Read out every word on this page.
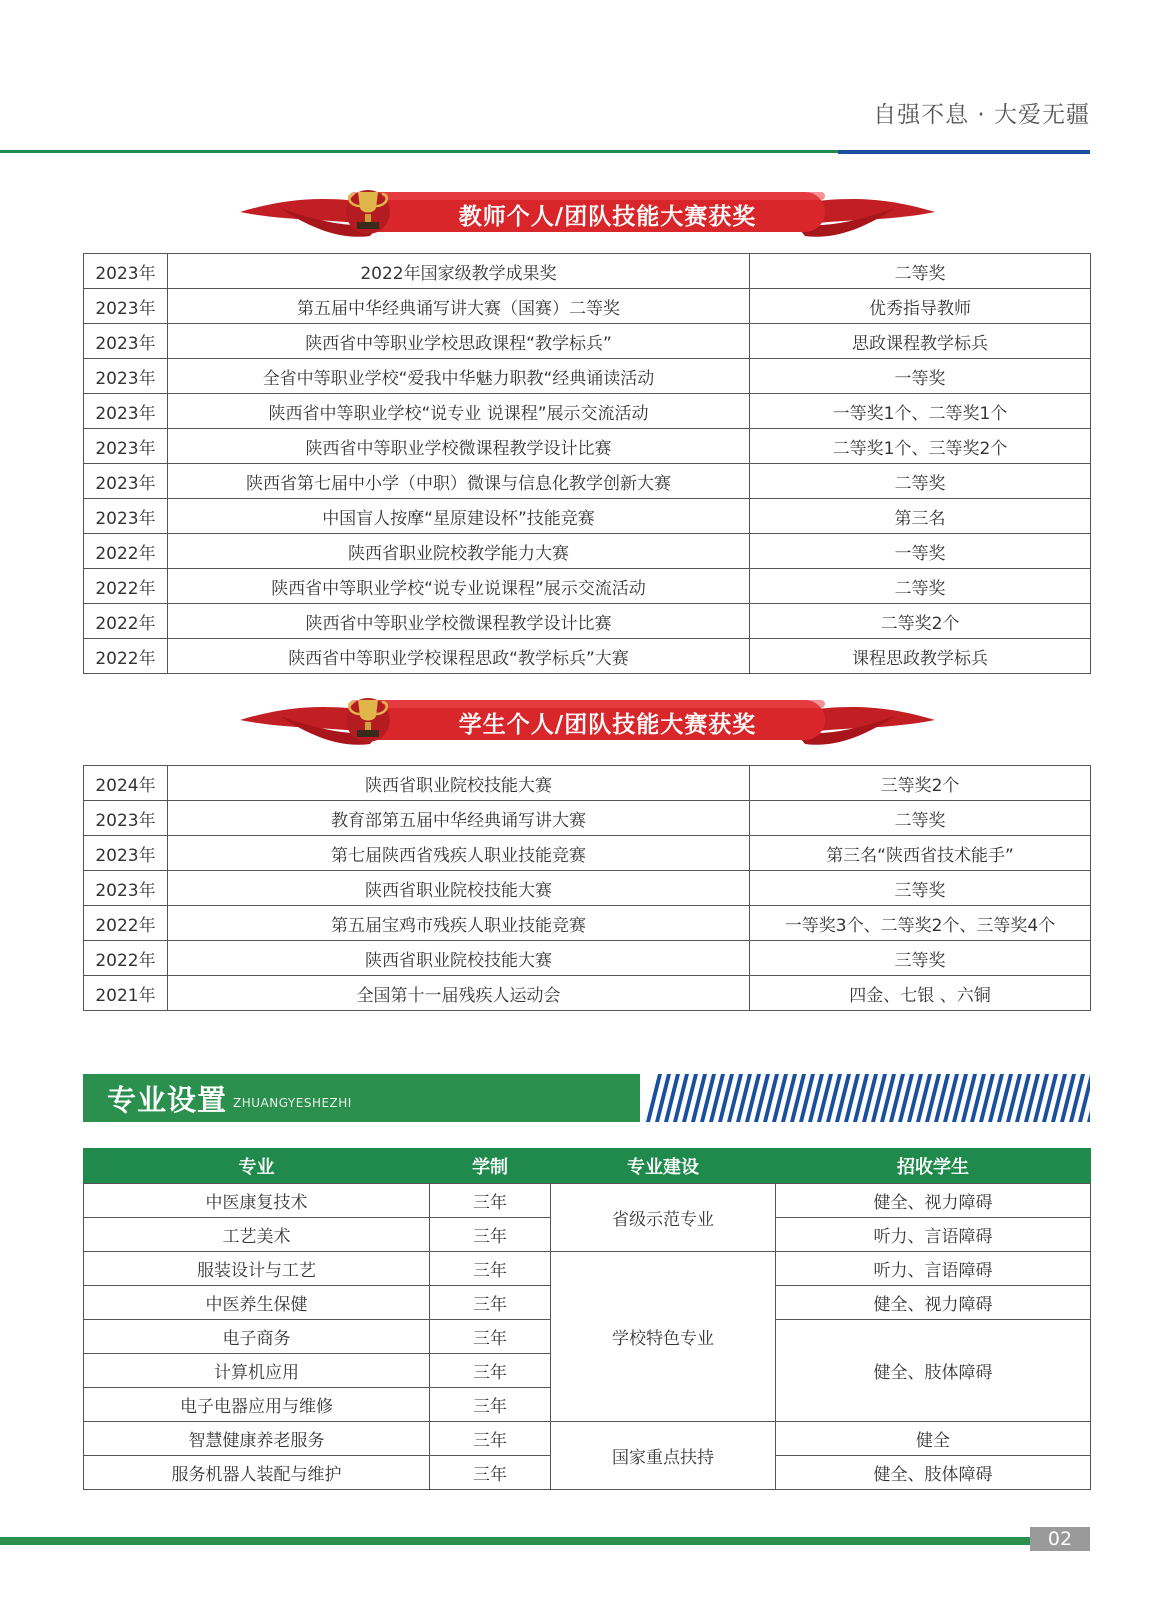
自强不息 · 大爱无疆
教师个人/团队技能大赛获奖
2023年	2022年国家级教学成果奖	二等奖
2023年	第五届中华经典诵写讲大赛（国赛）二等奖	优秀指导教师
2023年	陕西省中等职业学校思政课程“教学标兵”	思政课程教学标兵
2023年	全省中等职业学校“爱我中华魅力职教“经典诵读活动	一等奖
2023年	陕西省中等职业学校“说专业 说课程”展示交流活动	一等奖1个、二等奖1个
2023年	陕西省中等职业学校微课程教学设计比赛	二等奖1个、三等奖2个
2023年	陕西省第七届中小学（中职）微课与信息化教学创新大赛	二等奖
2023年	中国盲人按摩“星原建设杯”技能竞赛	第三名
2022年	陕西省职业院校教学能力大赛	一等奖
2022年	陕西省中等职业学校“说专业说课程”展示交流活动	二等奖
2022年	陕西省中等职业学校微课程教学设计比赛	二等奖2个
2022年	陕西省中等职业学校课程思政“教学标兵”大赛	课程思政教学标兵
学生个人/团队技能大赛获奖
2024年	陕西省职业院校技能大赛	三等奖2个
2023年	教育部第五届中华经典诵写讲大赛	二等奖
2023年	第七届陕西省残疾人职业技能竞赛	第三名“陕西省技术能手”
2023年	陕西省职业院校技能大赛	三等奖
2022年	第五届宝鸡市残疾人职业技能竞赛	一等奖3个、二等奖2个、三等奖4个
2022年	陕西省职业院校技能大赛	三等奖
2021年	全国第十一届残疾人运动会	四金、七银 、六铜
专业设置 ZHUANGYESHEZHI
专业	学制	专业建设	招收学生
中医康复技术	三年	省级示范专业	健全、视力障碍
工艺美术	三年		听力、言语障碍
服装设计与工艺	三年	学校特色专业	听力、言语障碍
中医养生保健	三年		健全、视力障碍
电子商务	三年		健全、肢体障碍
计算机应用	三年		
电子电器应用与维修	三年		
智慧健康养老服务	三年	国家重点扶持	健全
服务机器人装配与维护	三年		健全、肢体障碍
02
